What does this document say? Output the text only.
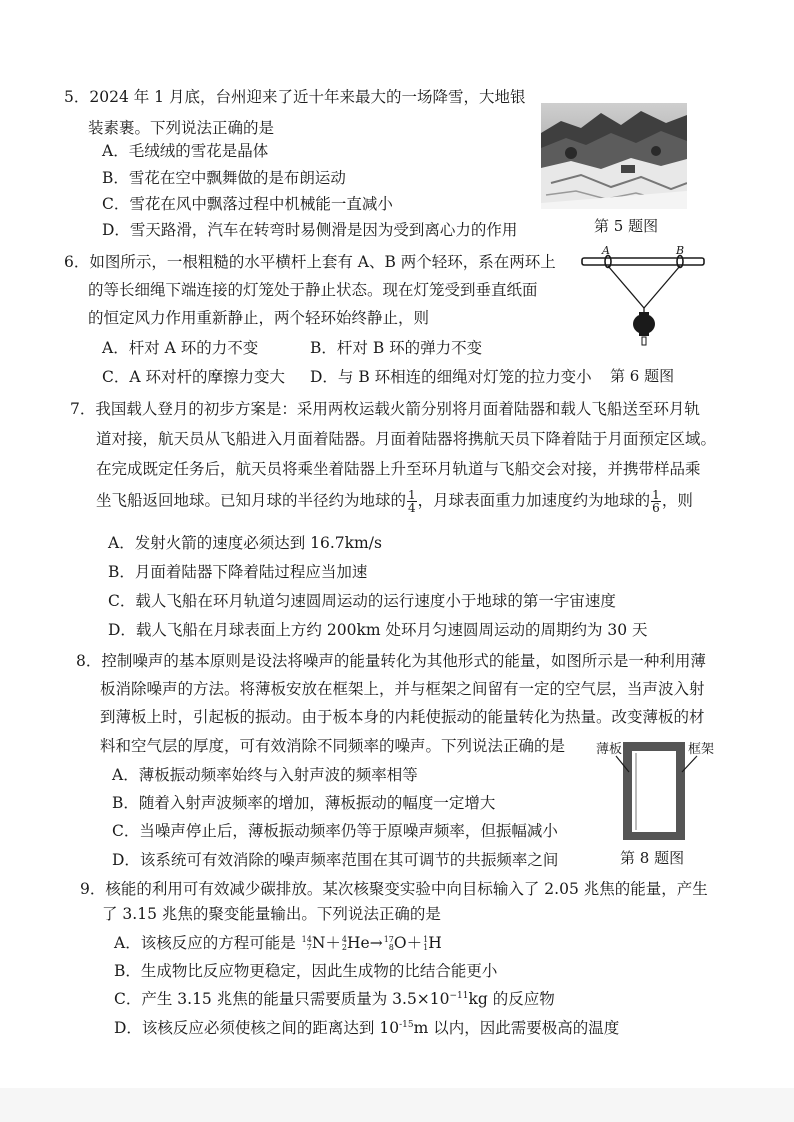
5．2024 年 1 月底，台州迎来了近十年来最大的一场降雪，大地银
装素裹。下列说法正确的是
A．毛绒绒的雪花是晶体
B．雪花在空中飘舞做的是布朗运动
C．雪花在风中飘落过程中机械能一直减小
D．雪天路滑，汽车在转弯时易侧滑是因为受到离心力的作用	第 5 题图
6．如图所示，一根粗糙的水平横杆上套有 A、B 两个轻环，系在两环上
的等长细绳下端连接的灯笼处于静止状态。现在灯笼受到垂直纸面
的恒定风力作用重新静止，两个轻环始终静止，则
A．杆对 A 环的力不变	B．杆对 B 环的弹力不变
C．A 环对杆的摩擦力变大 D．与 B 环相连的细绳对灯笼的拉力变小
A	B
第 6 题图
7．我国载人登月的初步方案是：采用两枚运载火箭分别将月面着陆器和载人飞船送至环月轨
道对接，航天员从飞船进入月面着陆器。月面着陆器将携航天员下降着陆于月面预定区域。
在完成既定任务后，航天员将乘坐着陆器上升至环月轨道与飞船交会对接，并携带样品乘
坐飞船返回地球。已知月球的半径约为地球的 $\frac{1}{4}$ ，月球表面重力加速度约为地球的 $\frac{1}{6}$ ，则
A．发射火箭的速度必须达到 16.7km/s
B．月面着陆器下降着陆过程应当加速
C．载人飞船在环月轨道匀速圆周运动的运行速度小于地球的第一宇宙速度
D．载人飞船在月球表面上方约 200km 处环月匀速圆周运动的周期约为 30 天
8．控制噪声的基本原则是设法将噪声的能量转化为其他形式的能量，如图所示是一种利用薄
板消除噪声的方法。将薄板安放在框架上，并与框架之间留有一定的空气层，当声波入射
到薄板上时，引起板的振动。由于板本身的内耗使振动的能量转化为热量。改变薄板的材
料和空气层的厚度，可有效消除不同频率的噪声。下列说法正确的是
A．薄板振动频率始终与入射声波的频率相等
B．随着入射声波频率的增加，薄板振动的幅度一定增大
C．当噪声停止后，薄板振动频率仍等于原噪声频率，但振幅减小
D．该系统可有效消除的噪声频率范围在其可调节的共振频率之间
薄板	框架
第 8 题图
9．核能的利用可有效减少碳排放。某次核聚变实验中向目标输入了 2.05 兆焦的能量，产生
了 3.15 兆焦的聚变能量输出。下列说法正确的是
A．该核反应的方程可能是 14
7 N＋ 4
2 He→ 17
8 O＋ 1
1 H
B．生成物比反应物更稳定，因此生成物的比结合能更小
C．产生 3.15 兆焦的能量只需要质量为 $3.5\times 10^{-11}kg$ 的反应物
D．该核反应必须使核之间的距离达到 $10^{-15}m$ 以内，因此需要极高的温度
